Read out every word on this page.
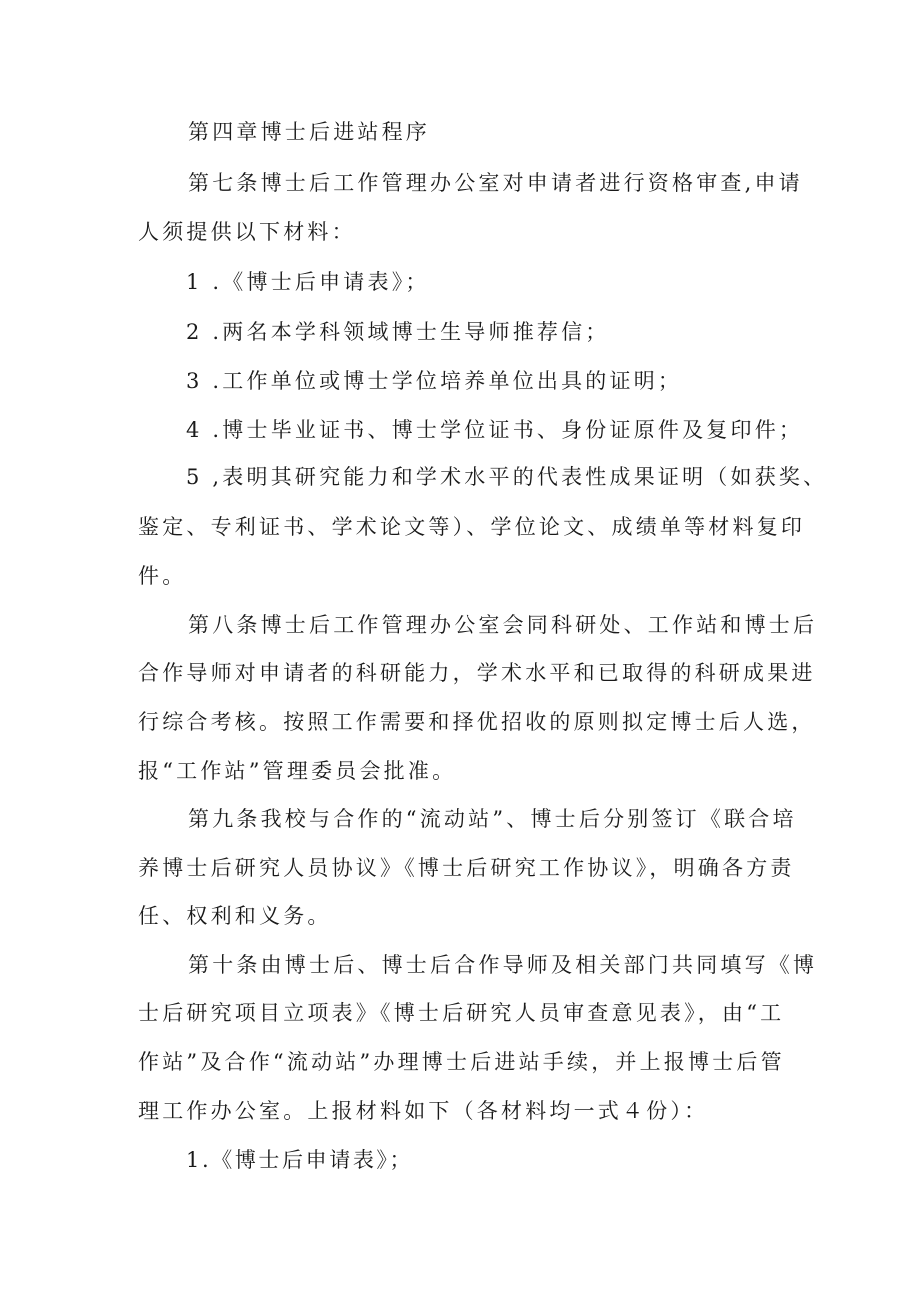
第四章博士后进站程序

第七条博士后工作管理办公室对申请者进行资格审查,申请

人须提供以下材料：

1 .《博士后申请表》；

2 .两名本学科领域博士生导师推荐信；

3 .工作单位或博士学位培养单位出具的证明；

4 .博士毕业证书、博士学位证书、身份证原件及复印件；

5 ,表明其研究能力和学术水平的代表性成果证明（如获奖、

鉴定、专利证书、学术论文等）、学位论文、成绩单等材料复印

件。

第八条博士后工作管理办公室会同科研处、工作站和博士后

合作导师对申请者的科研能力，学术水平和已取得的科研成果进

行综合考核。按照工作需要和择优招收的原则拟定博士后人选，

报“工作站”管理委员会批准。

第九条我校与合作的“流动站”、博士后分别签订《联合培

养博士后研究人员协议》《博士后研究工作协议》，明确各方责

任、权利和义务。

第十条由博士后、博士后合作导师及相关部门共同填写《博

士后研究项目立项表》《博士后研究人员审查意见表》，由“工

作站”及合作“流动站”办理博士后进站手续，并上报博士后管

理工作办公室。上报材料如下（各材料均一式４份）：

1.《博士后申请表》；
